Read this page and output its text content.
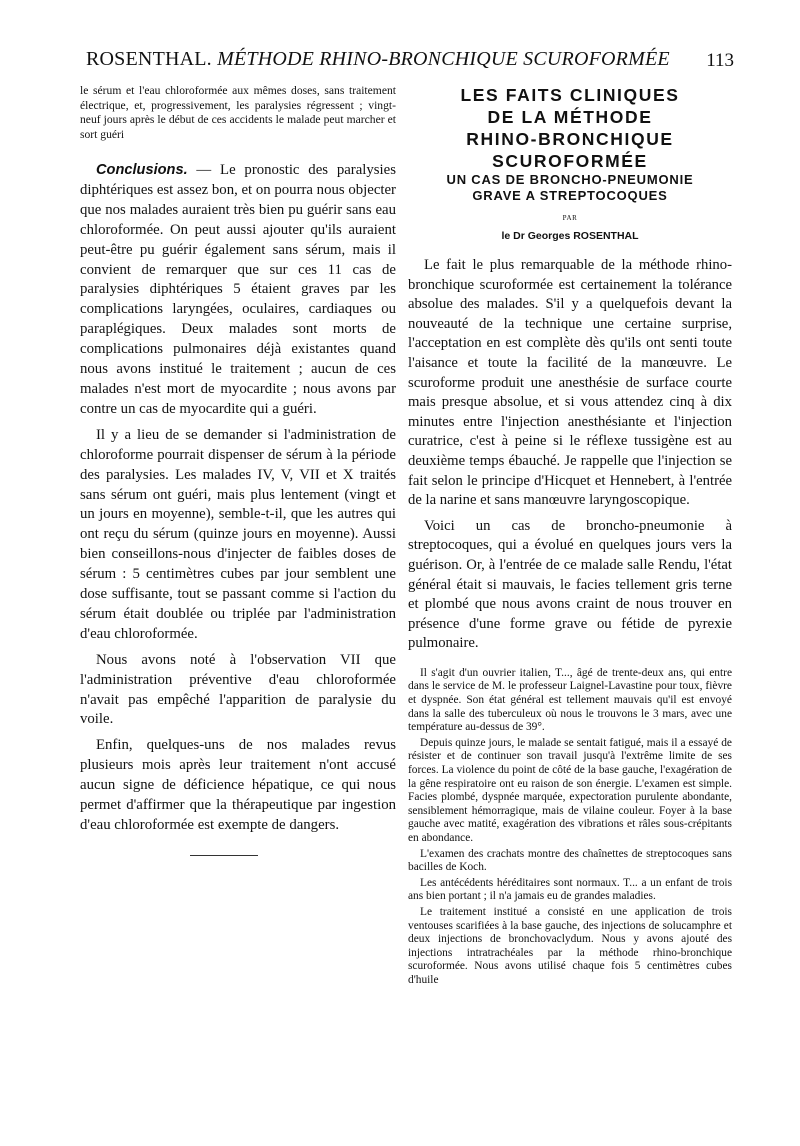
ROSENTHAL. MÉTHODE RHINO-BRONCHIQUE SCUROFORMÉE 113

le sérum et l'eau chloroformée aux mêmes doses, sans traitement électrique, et, progressivement, les paralysies régressent ; vingt-neuf jours après le début de ces accidents le malade peut marcher et sort guéri

Conclusions. — Le pronostic des paralysies diphtériques est assez bon, et on pourra nous objecter que nos malades auraient très bien pu guérir sans eau chloroformée. On peut aussi ajouter qu'ils auraient peut-être pu guérir également sans sérum, mais il convient de remarquer que sur ces 11 cas de paralysies diphtériques 5 étaient graves par les complications laryngées, oculaires, cardiaques ou paraplégiques. Deux malades sont morts de complications pulmonaires déjà existantes quand nous avons institué le traitement ; aucun de ces malades n'est mort de myocardite ; nous avons par contre un cas de myocardite qui a guéri.

Il y a lieu de se demander si l'administration de chloroforme pourrait dispenser de sérum à la période des paralysies. Les malades IV, V, VII et X traités sans sérum ont guéri, mais plus lentement (vingt et un jours en moyenne), semble-t-il, que les autres qui ont reçu du sérum (quinze jours en moyenne). Aussi bien conseillons-nous d'injecter de faibles doses de sérum : 5 centimètres cubes par jour semblent une dose suffisante, tout se passant comme si l'action du sérum était doublée ou triplée par l'administration d'eau chloroformée.

Nous avons noté à l'observation VII que l'administration préventive d'eau chloroformée n'avait pas empêché l'apparition de paralysie du voile.

Enfin, quelques-uns de nos malades revus plusieurs mois après leur traitement n'ont accusé aucun signe de déficience hépatique, ce qui nous permet d'affirmer que la thérapeutique par ingestion d'eau chloroformée est exempte de dangers.

LES FAITS CLINIQUES
DE LA MÉTHODE
RHINO-BRONCHIQUE
SCUROFORMÉE
UN CAS DE BRONCHO-PNEUMONIE
GRAVE A STREPTOCOQUES
PAR
le Dr Georges ROSENTHAL

Le fait le plus remarquable de la méthode rhino-bronchique scuroformée est certainement la tolérance absolue des malades. S'il y a quelquefois devant la nouveauté de la technique une certaine surprise, l'acceptation en est complète dès qu'ils ont senti toute l'aisance et toute la facilité de la manœuvre. Le scuroforme produit une anesthésie de surface courte mais presque absolue, et si vous attendez cinq à dix minutes entre l'injection anesthésiante et l'injection curatrice, c'est à peine si le réflexe tussigène est au deuxième temps ébauché. Je rappelle que l'injection se fait selon le principe d'Hicquet et Hennebert, à l'entrée de la narine et sans manœuvre laryngoscopique.

Voici un cas de broncho-pneumonie à streptocoques, qui a évolué en quelques jours vers la guérison. Or, à l'entrée de ce malade salle Rendu, l'état général était si mauvais, le facies tellement gris terne et plombé que nous avons craint de nous trouver en présence d'une forme grave ou fétide de pyrexie pulmonaire.

Il s'agit d'un ouvrier italien, T..., âgé de trente-deux ans, qui entre dans le service de M. le professeur Laignel-Lavastine pour toux, fièvre et dyspnée. Son état général est tellement mauvais qu'il est envoyé dans la salle des tuberculeux où nous le trouvons le 3 mars, avec une température au-dessus de 39°.

Depuis quinze jours, le malade se sentait fatigué, mais il a essayé de résister et de continuer son travail jusqu'à l'extrême limite de ses forces. La violence du point de côté de la base gauche, l'exagération de la gêne respiratoire ont eu raison de son énergie. L'examen est simple. Facies plombé, dyspnée marquée, expectoration purulente abondante, sensiblement hémorragique, mais de vilaine couleur. Foyer à la base gauche avec matité, exagération des vibrations et râles sous-crépitants en abondance.

L'examen des crachats montre des chaînettes de streptocoques sans bacilles de Koch.

Les antécédents héréditaires sont normaux. T... a un enfant de trois ans bien portant ; il n'a jamais eu de grandes maladies.

Le traitement institué a consisté en une application de trois ventouses scarifiées à la base gauche, des injections de solucamphre et deux injections de bronchovaclydum. Nous y avons ajouté des injections intratrachéales par la méthode rhino-bronchique scuroformée. Nous avons utilisé chaque fois 5 centimètres cubes d'huile
